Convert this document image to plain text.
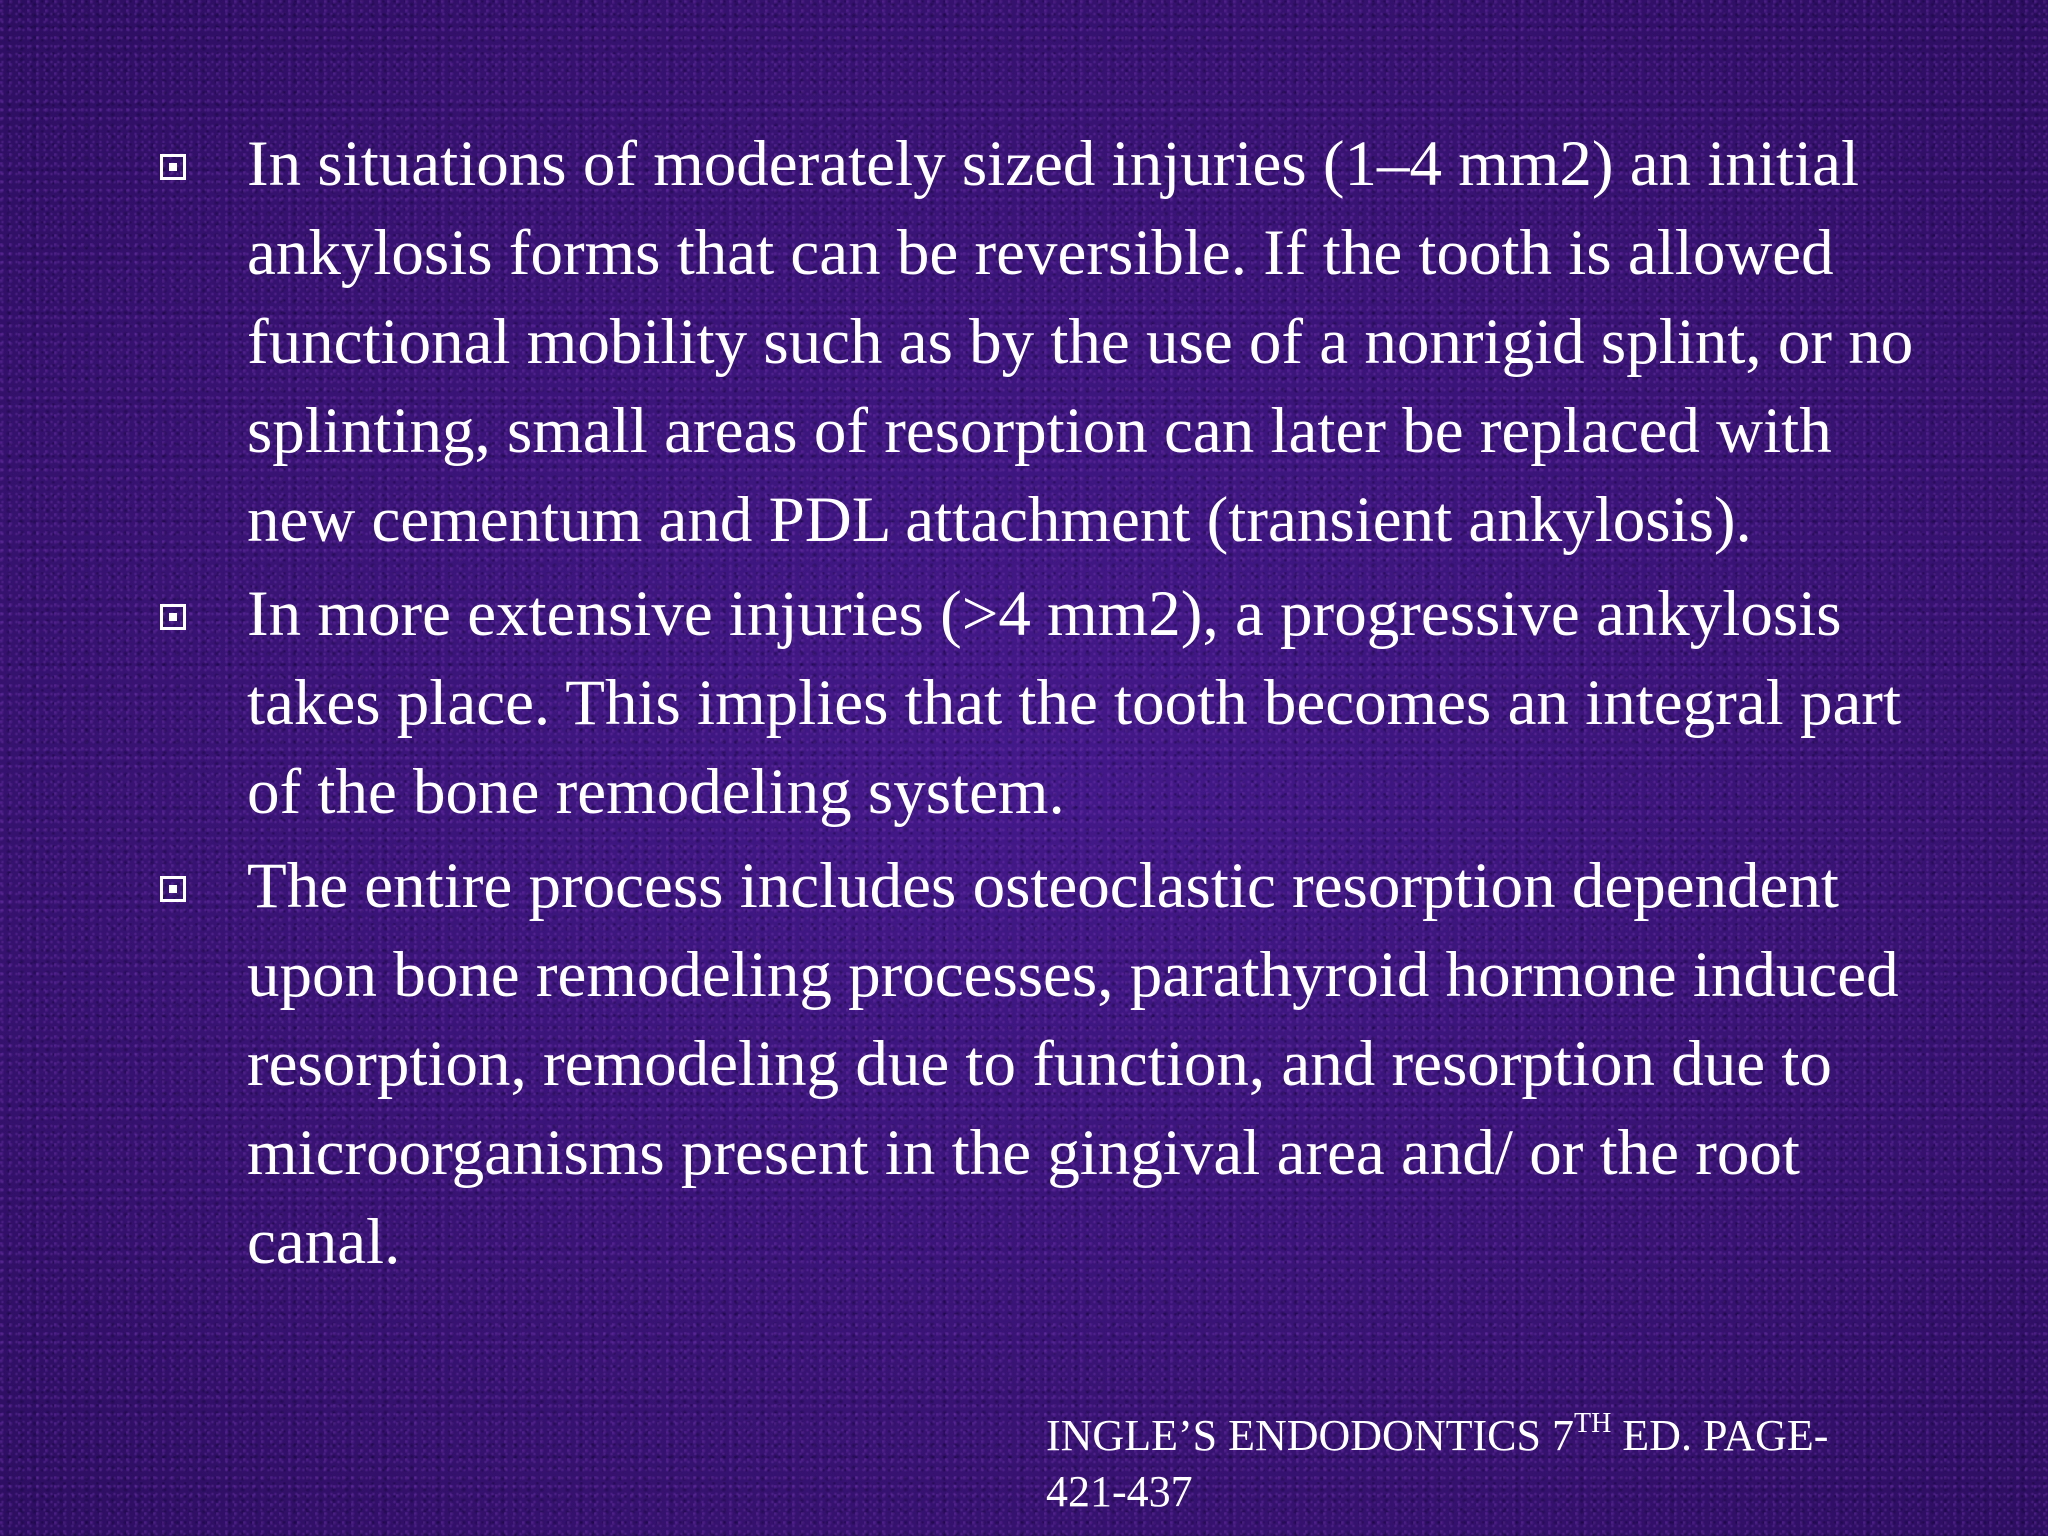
In situations of moderately sized injuries (1–4 mm2) an initial ankylosis forms that can be reversible. If the tooth is allowed functional mobility such as by the use of a nonrigid splint, or no splinting, small areas of resorption can later be replaced with new cementum and PDL attachment (transient ankylosis).
In more extensive injuries (>4 mm2), a progressive ankylosis takes place. This implies that the tooth becomes an integral part of the bone remodeling system.
The entire process includes osteoclastic resorption dependent upon bone remodeling processes, parathyroid hormone induced resorption, remodeling due to function, and resorption due to microorganisms present in the gingival area and/ or the root canal.
INGLE’S ENDODONTICS 7TH ED. PAGE-
421-437
